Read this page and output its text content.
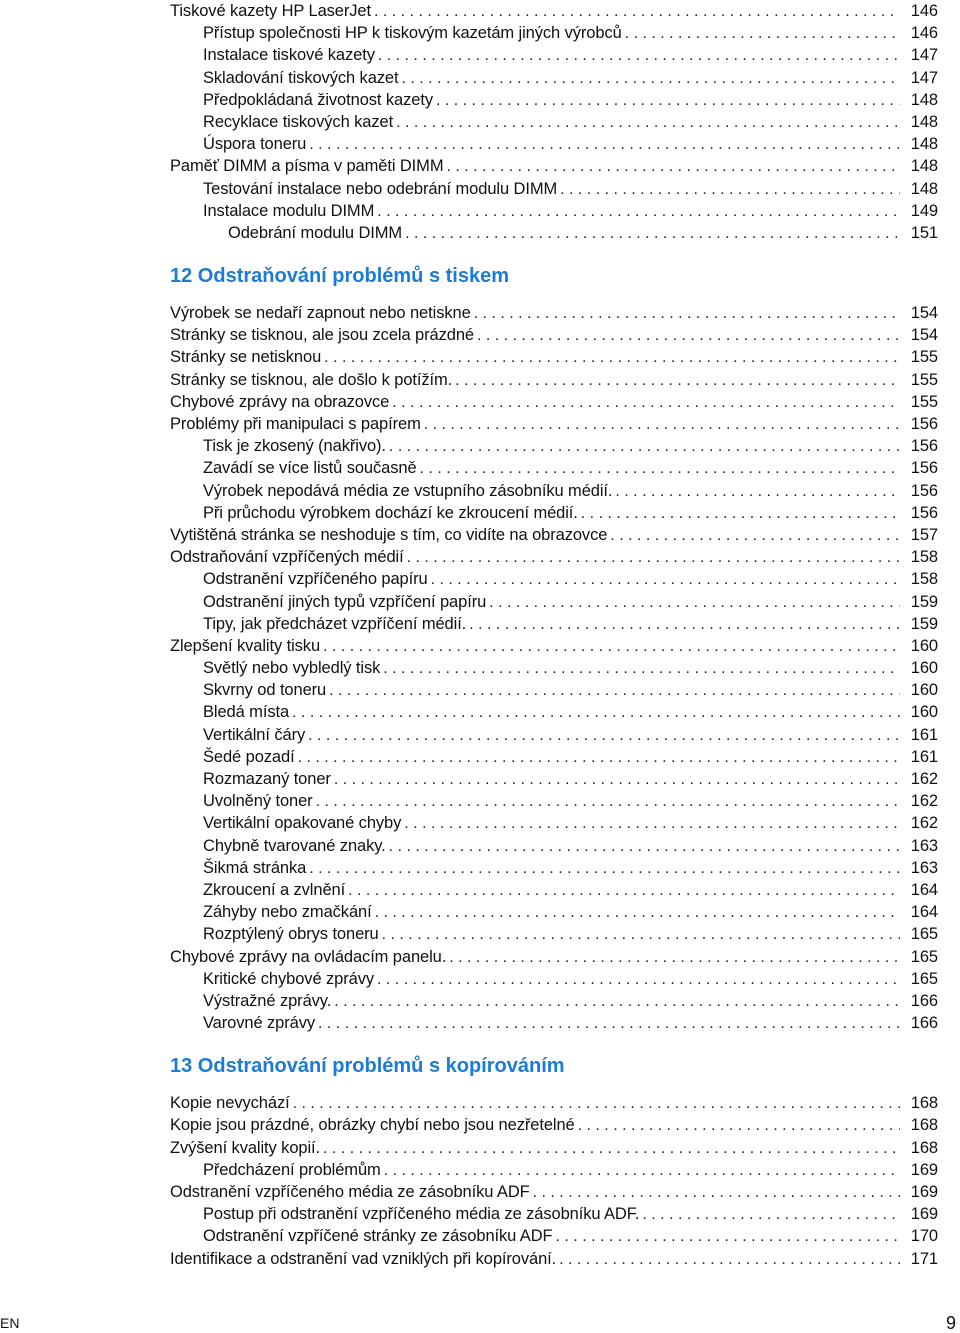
Tiskové kazety HP LaserJet . . .	146
Přístup společnosti HP k tiskovým kazetám jiných výrobců . . .	146
Instalace tiskové kazety . . .	147
Skladování tiskových kazet . . .	147
Předpokládaná životnost kazety . . .	148
Recyklace tiskových kazet . . .	148
Úspora toneru . . .	148
Paměť DIMM a písma v paměti DIMM . . .	148
Testování instalace nebo odebrání modulu DIMM . . .	148
Instalace modulu DIMM . . .	149
Odebrání modulu DIMM . . .	151
12 Odstraňování problémů s tiskem
Výrobek se nedaří zapnout nebo netiskne . . .	154
Stránky se tisknou, ale jsou zcela prázdné . . .	154
Stránky se netisknou . . .	155
Stránky se tisknou, ale došlo k potížím. . . .	155
Chybové zprávy na obrazovce . . .	155
Problémy při manipulaci s papírem . . .	156
Tisk je zkosený (nakřivo). . . .	156
Zavádí se více listů současně . . .	156
Výrobek nepodává média ze vstupního zásobníku médií. . . .	156
Při průchodu výrobkem dochází ke zkroucení médií. . . .	156
Vytištěná stránka se neshoduje s tím, co vidíte na obrazovce . . .	157
Odstraňování vzpříčených médií . . .	158
Odstranění vzpříčeného papíru . . .	158
Odstranění jiných typů vzpříčení papíru . . .	159
Tipy, jak předcházet vzpříčení médií. . . .	159
Zlepšení kvality tisku . . .	160
Světlý nebo vybledlý tisk . . .	160
Skvrny od toneru . . .	160
Bledá místa . . .	160
Vertikální čáry . . .	161
Šedé pozadí . . .	161
Rozmazaný toner . . .	162
Uvolněný toner . . .	162
Vertikální opakované chyby . . .	162
Chybně tvarované znaky. . . .	163
Šikmá stránka . . .	163
Zkroucení a zvlnění . . .	164
Záhyby nebo zmačkání . . .	164
Rozptýlený obrys toneru . . .	165
Chybové zprávy na ovládacím panelu. . . .	165
Kritické chybové zprávy . . .	165
Výstražné zprávy. . . .	166
Varovné zprávy . . .	166
13 Odstraňování problémů s kopírováním
Kopie nevychází . . .	168
Kopie jsou prázdné, obrázky chybí nebo jsou nezřetelné . . .	168
Zvýšení kvality kopií. . . .	168
Předcházení problémům . . .	169
Odstranění vzpříčeného média ze zásobníku ADF . . .	169
Postup při odstranění vzpříčeného média ze zásobníku ADF. . . .	169
Odstranění vzpříčené stránky ze zásobníku ADF . . .	170
Identifikace a odstranění vad vzniklých při kopírování. . . .	171
EN	9
